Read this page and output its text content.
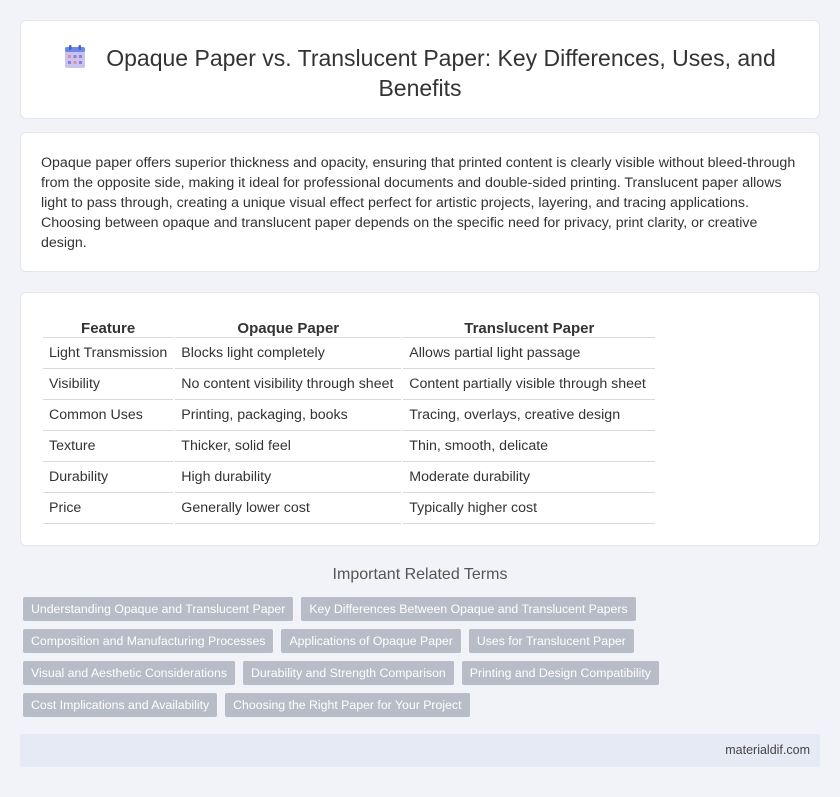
Opaque Paper vs. Translucent Paper: Key Differences, Uses, and Benefits

Opaque paper offers superior thickness and opacity, ensuring that printed content is clearly visible without bleed-through from the opposite side, making it ideal for professional documents and double-sided printing. Translucent paper allows light to pass through, creating a unique visual effect perfect for artistic projects, layering, and tracing applications. Choosing between opaque and translucent paper depends on the specific need for privacy, print clarity, or creative design.

Feature	Opaque Paper	Translucent Paper
Light Transmission	Blocks light completely	Allows partial light passage
Visibility	No content visibility through sheet	Content partially visible through sheet
Common Uses	Printing, packaging, books	Tracing, overlays, creative design
Texture	Thicker, solid feel	Thin, smooth, delicate
Durability	High durability	Moderate durability
Price	Generally lower cost	Typically higher cost
Important Related Terms
Understanding Opaque and Translucent Paper	Key Differences Between Opaque and Translucent Papers
Composition and Manufacturing Processes	Applications of Opaque Paper	Uses for Translucent Paper
Visual and Aesthetic Considerations	Durability and Strength Comparison	Printing and Design Compatibility
Cost Implications and Availability	Choosing the Right Paper for Your Project
materialdif.com
